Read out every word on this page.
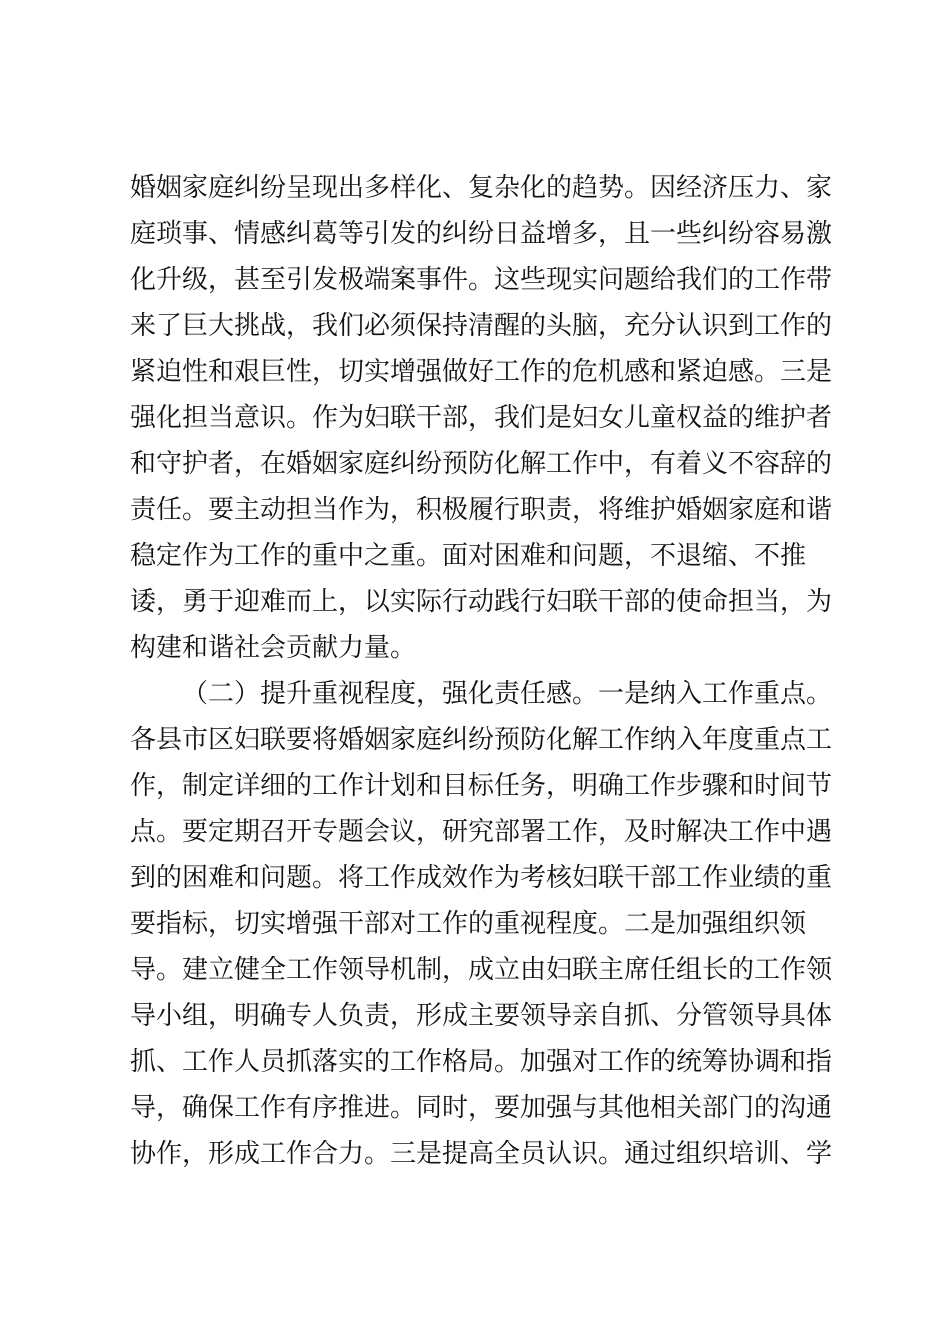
婚姻家庭纠纷呈现出多样化、复杂化的趋势。因经济压力、家
庭琐事、情感纠葛等引发的纠纷日益增多，且一些纠纷容易激
化升级，甚至引发极端案事件。这些现实问题给我们的工作带
来了巨大挑战，我们必须保持清醒的头脑，充分认识到工作的
紧迫性和艰巨性，切实增强做好工作的危机感和紧迫感。三是
强化担当意识。作为妇联干部，我们是妇女儿童权益的维护者
和守护者，在婚姻家庭纠纷预防化解工作中，有着义不容辞的
责任。要主动担当作为，积极履行职责，将维护婚姻家庭和谐
稳定作为工作的重中之重。面对困难和问题，不退缩、不推
诿，勇于迎难而上，以实际行动践行妇联干部的使命担当，为
构建和谐社会贡献力量。
（二）提升重视程度，强化责任感。一是纳入工作重点。
各县市区妇联要将婚姻家庭纠纷预防化解工作纳入年度重点工
作，制定详细的工作计划和目标任务，明确工作步骤和时间节
点。要定期召开专题会议，研究部署工作，及时解决工作中遇
到的困难和问题。将工作成效作为考核妇联干部工作业绩的重
要指标，切实增强干部对工作的重视程度。二是加强组织领
导。建立健全工作领导机制，成立由妇联主席任组长的工作领
导小组，明确专人负责，形成主要领导亲自抓、分管领导具体
抓、工作人员抓落实的工作格局。加强对工作的统筹协调和指
导，确保工作有序推进。同时，要加强与其他相关部门的沟通
协作，形成工作合力。三是提高全员认识。通过组织培训、学
